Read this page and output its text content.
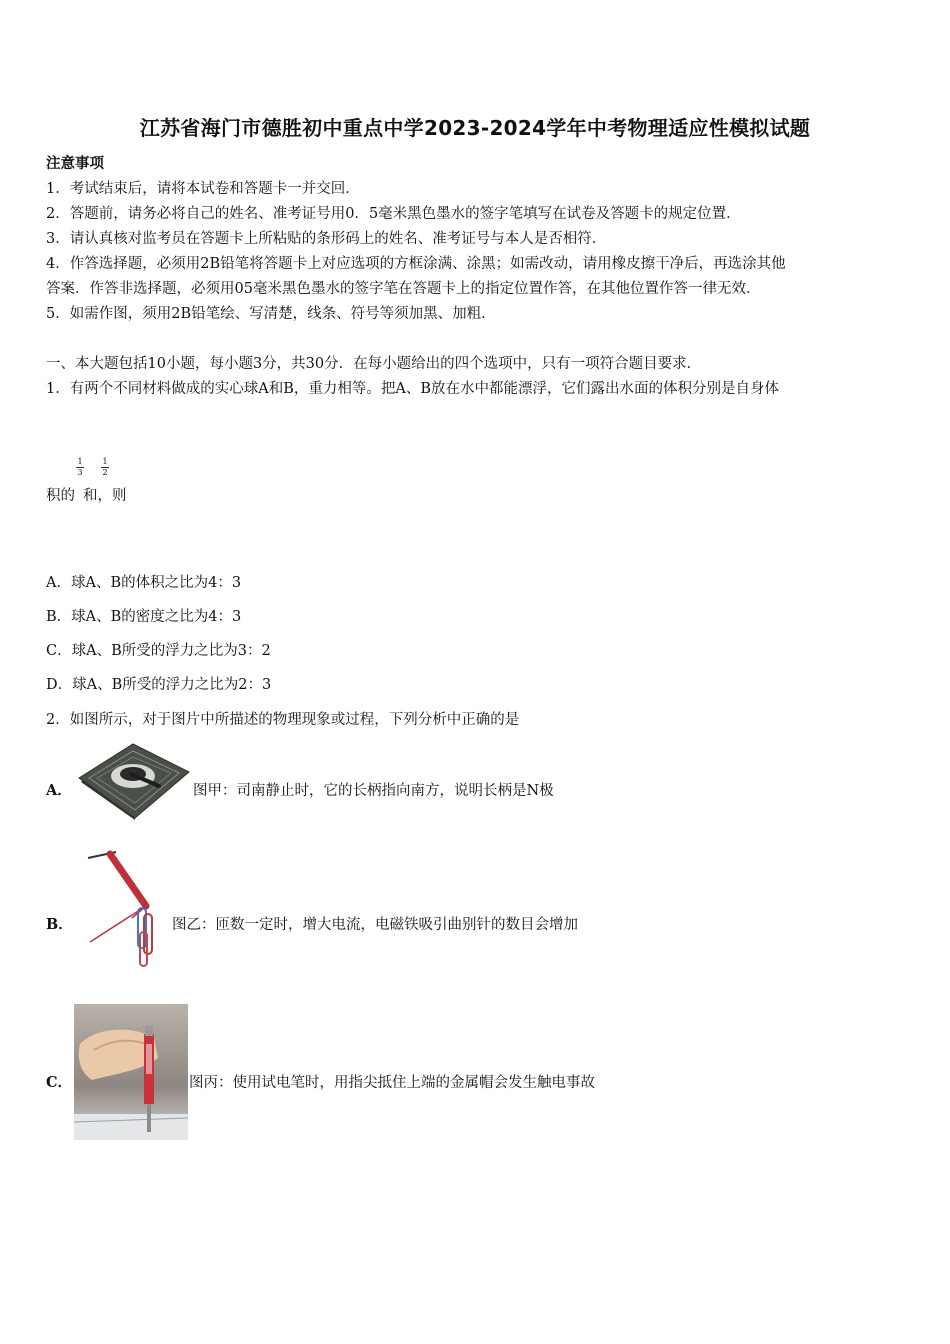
江苏省海门市德胜初中重点中学2023-2024学年中考物理适应性模拟试题
注意事项
1．考试结束后，请将本试卷和答题卡一并交回．
2．答题前，请务必将自己的姓名、准考证号用0．5毫米黑色墨水的签字笔填写在试卷及答题卡的规定位置．
3．请认真核对监考员在答题卡上所粘贴的条形码上的姓名、准考证号与本人是否相符．
4．作答选择题，必须用2B铅笔将答题卡上对应选项的方框涂满、涂黑；如需改动，请用橡皮擦干净后，再选涂其他
答案．作答非选择题，必须用05毫米黑色墨水的签字笔在答题卡上的指定位置作答，在其他位置作答一律无效．
5．如需作图，须用2B铅笔绘、写清楚，线条、符号等须加黑、加粗．
一、本大题包括10小题，每小题3分，共30分．在每小题给出的四个选项中，只有一项符合题目要求．
1．有两个不同材料做成的实心球A和B，重力相等。把A、B放在水中都能漂浮，它们露出水面的体积分别是自身体
积的 和，则
1
3
1
2
A．球A、B的体积之比为4：3
B．球A、B的密度之比为4：3
C．球A、B所受的浮力之比为3：2
D．球A、B所受的浮力之比为2：3
2．如图所示，对于图片中所描述的物理现象或过程，下列分析中正确的是
A．	图甲：司南静止时，它的长柄指向南方，说明长柄是N极
B．	图乙：匝数一定时，增大电流，电磁铁吸引曲别针的数目会增加
C．	图丙：使用试电笔时，用指尖抵住上端的金属帽会发生触电事故
